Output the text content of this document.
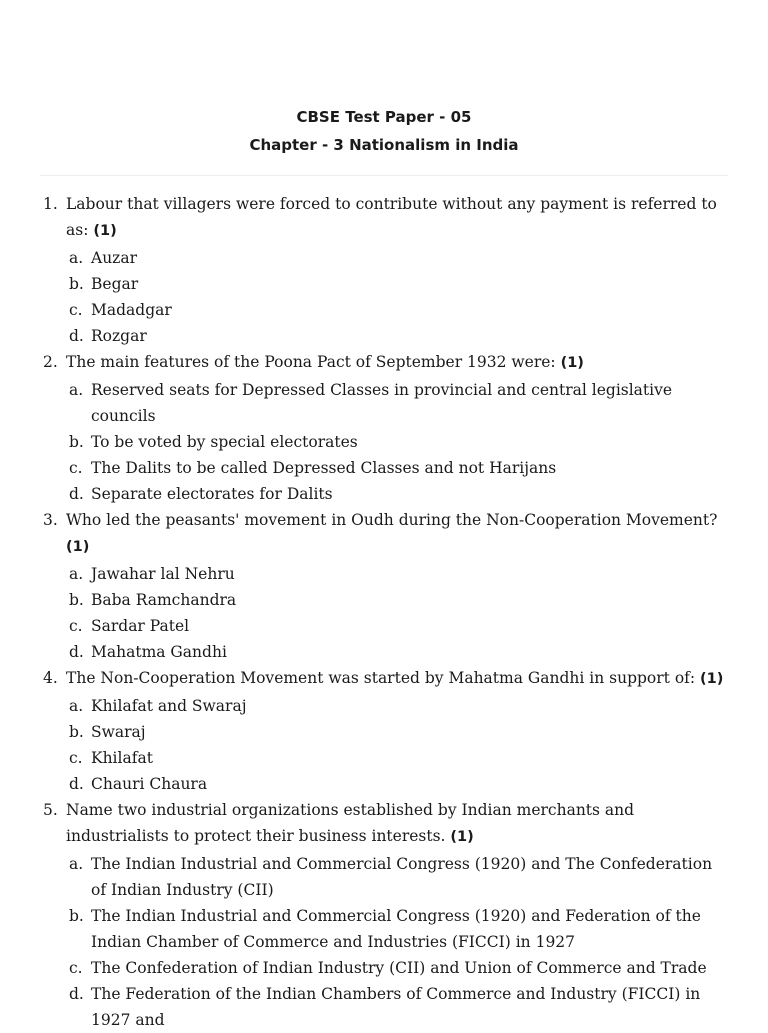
CBSE Test Paper - 05
Chapter - 3 Nationalism in India
1. Labour that villagers were forced to contribute without any payment is referred to as: (1)
a. Auzar
b. Begar
c. Madadgar
d. Rozgar
2. The main features of the Poona Pact of September 1932 were: (1)
a. Reserved seats for Depressed Classes in provincial and central legislative councils
b. To be voted by special electorates
c. The Dalits to be called Depressed Classes and not Harijans
d. Separate electorates for Dalits
3. Who led the peasants' movement in Oudh during the Non-Cooperation Movement? (1)
a. Jawahar lal Nehru
b. Baba Ramchandra
c. Sardar Patel
d. Mahatma Gandhi
4. The Non-Cooperation Movement was started by Mahatma Gandhi in support of: (1)
a. Khilafat and Swaraj
b. Swaraj
c. Khilafat
d. Chauri Chaura
5. Name two industrial organizations established by Indian merchants and industrialists to protect their business interests. (1)
a. The Indian Industrial and Commercial Congress (1920) and The Confederation of Indian Industry (CII)
b. The Indian Industrial and Commercial Congress (1920) and Federation of the Indian Chamber of Commerce and Industries (FICCI) in 1927
c. The Confederation of Indian Industry (CII) and Union of Commerce and Trade
d. The Federation of the Indian Chambers of Commerce and Industry (FICCI) in 1927 and
